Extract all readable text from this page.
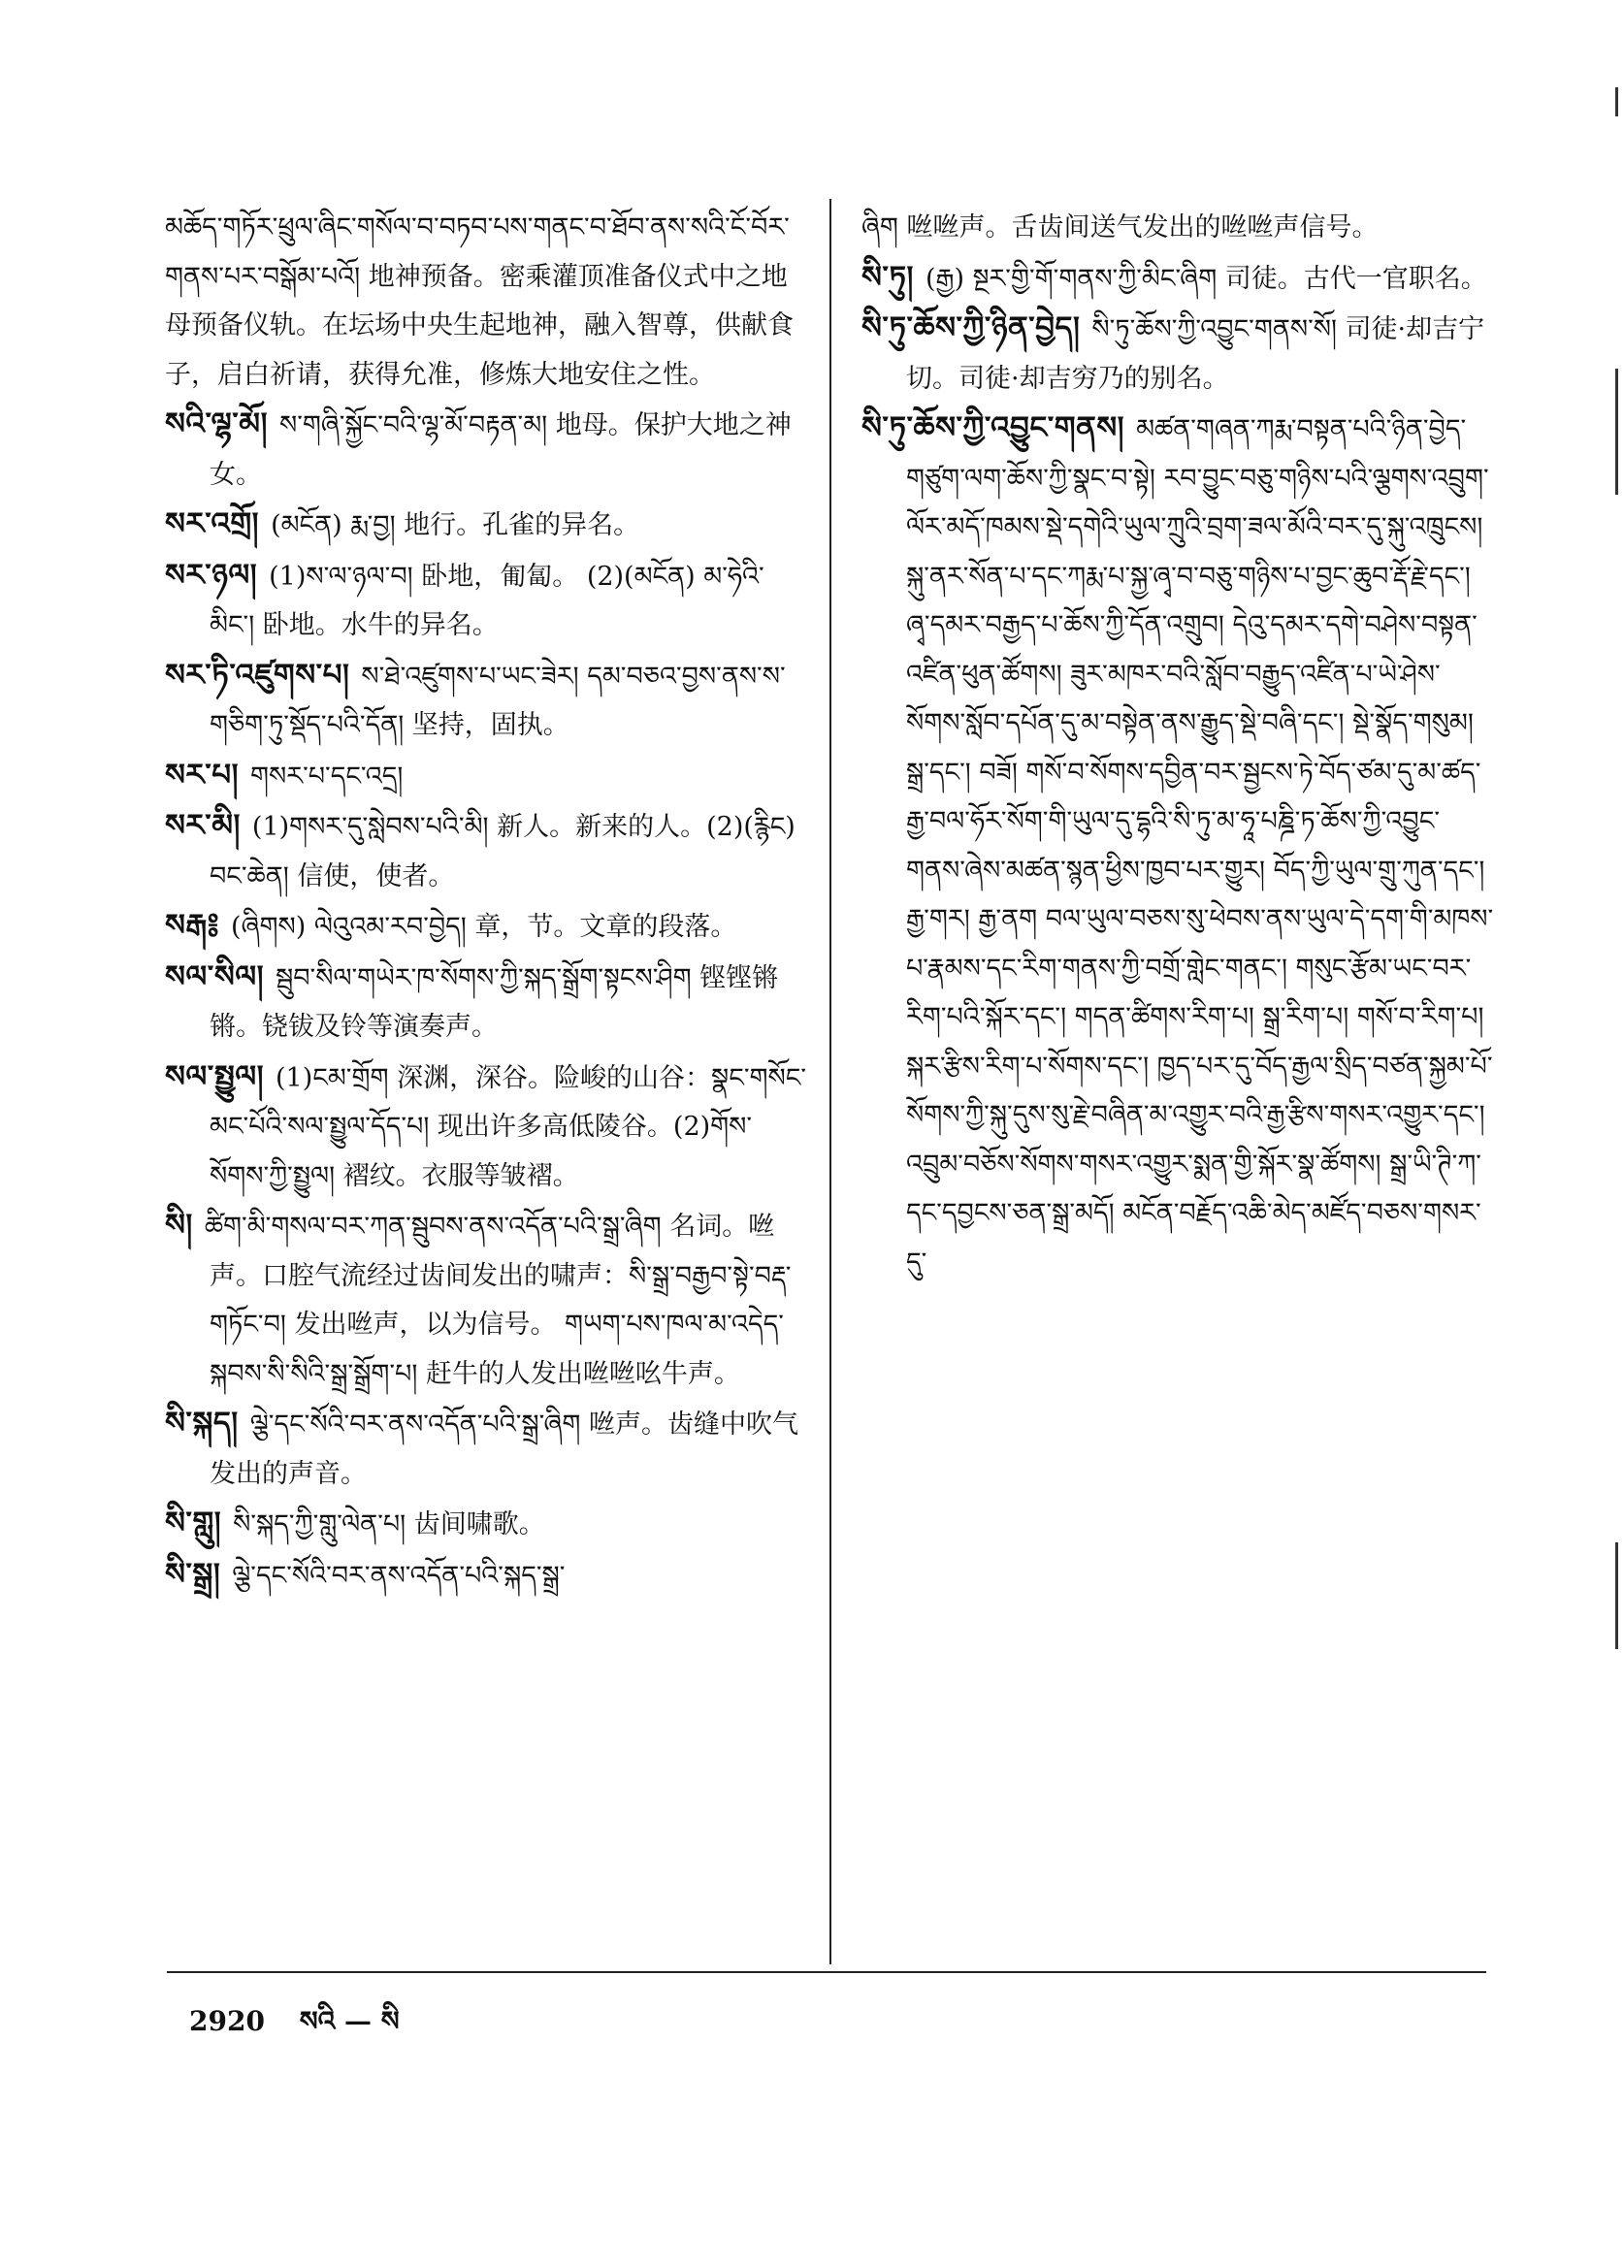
མཆོད་གཏོར་ཕྲུལ་ཞིང་གསོལ་བ་བཏབ་པས་གནང་བ་ཐོབ་ནས་སའི་ངོ་བོར་གནས་པར་བསྒོམ་པའོ། 地神预备。密乘灌顶准备仪式中之地母预备仪轨。在坛场中央生起地神，融入智尊，供献食子，启白祈请，获得允准，修炼大地安住之性。

སའི་ལྷ་མོ། ས་གཞི་སྐྱོང་བའི་ལྷ་མོ་བརྟན་མ། 地母。保护大地之神女。

སར་འགྲོ། (མངོན) རྨ་བྱ། 地行。孔雀的异名。

སར་ཉལ། (1)ས་ལ་ཉལ་བ། 卧地，匍匐。 (2)(མངོན) མ་ཧེའི་མིང་། 卧地。水牛的异名。

སར་ཏི་འཛུགས་པ། ས་ཐེ་འཛུགས་པ་ཡང་ཟེར། དམ་བཅའ་བྱས་ནས་ས་གཅིག་ཏུ་སྡོད་པའི་དོན། 坚持，固执。

སར་པ། གསར་པ་དང་འདྲ།

སར་མི། (1)གསར་དུ་སླེབས་པའི་མི། 新人。新来的人。(2)(རྙིང) བང་ཆེན། 信使，使者。

སརྒ༔ (ཞིགས) ལེའུའམ་རབ་བྱེད། 章，节。文章的段落。

སལ་སིལ། སྦུབ་སིལ་གཡེར་ཁ་སོགས་ཀྱི་སྐད་སྒྲོག་སྟངས་ཤིག 铿铿锵锵。铙钹及铃等演奏声。

སལ་སྤྱུལ། (1)ངམ་གྲོག 深渊，深谷。险峻的山谷：སྣང་གསོང་མང་པོའི་སལ་སྤྱུལ་དོད་པ། 现出许多高低陵谷。(2)གོས་སོགས་ཀྱི་སྤྱུལ། 褶纹。衣服等皱褶。

སི། ཚིག་མི་གསལ་བར་ཀན་སྦུབས་ནས་འདོན་པའི་སྒྲ་ཞིག 名词。咝声。口腔气流经过齿间发出的啸声：སི་སྒྲ་བརྒྱབ་སྟེ་བརྡ་གཏོང་བ། 发出咝声，以为信号。 གཡག་པས་ཁལ་མ་འདེད་སྐབས་སི་སིའི་སྒྲ་སྒྲོག་པ། 赶牛的人发出咝咝吆牛声。

སི་སྐད། ལྕེ་དང་སོའི་བར་ནས་འདོན་པའི་སྒྲ་ཞིག 咝声。齿缝中吹气发出的声音。

སི་གླུ། སི་སྐད་ཀྱི་གླུ་ལེན་པ། 齿间啸歌。

སི་སྒྲ། ལྕེ་དང་སོའི་བར་ནས་འདོན་པའི་སྐད་སྒྲ་

ཞིག 咝咝声。舌齿间送气发出的咝咝声信号。

སི་ཏུ། (རྒྱ) སྔར་གྱི་གོ་གནས་ཀྱི་མིང་ཞིག 司徒。古代一官职名。

སི་ཏུ་ཆོས་ཀྱི་ཉིན་བྱེད། སི་ཏུ་ཆོས་ཀྱི་འབྱུང་གནས་སོ། 司徒·却吉宁切。司徒·却吉穷乃的别名。

སི་ཏུ་ཆོས་ཀྱི་འབྱུང་གནས། མཚན་གཞན་ཀརྨ་བསྟན་པའི་ཉིན་བྱེད་གཙུག་ལག་ཆོས་ཀྱི་སྣང་བ་སྟེ། རབ་བྱུང་བཅུ་གཉིས་པའི་ལྕགས་འབྲུག་ལོར་མདོ་ཁམས་སྡེ་དགེའི་ཡུལ་ཀྲུའི་བྲག་ཟལ་མོའི་བར་དུ་སྐུ་འཁྲུངས། སྐུ་ནར་སོན་པ་དང་ཀརྨ་པ་སྐྱ་ཞྭ་བ་བཅུ་གཉིས་པ་བྱང་ཆུབ་རྡོ་རྗེ་དང་། ཞྭ་དམར་བརྒྱད་པ་ཆོས་ཀྱི་དོན་འགྲུབ། དེའུ་དམར་དགེ་བཤེས་བསྟན་འཛིན་ཕུན་ཚོགས། ཟུར་མཁར་བའི་སློབ་བརྒྱུད་འཛིན་པ་ཡེ་ཤེས་སོགས་སློབ་དཔོན་དུ་མ་བསྟེན་ནས་རྒྱུད་སྡེ་བཞི་དང་། སྡེ་སྣོད་གསུམ། སྒྲ་དང་། བཟོ། གསོ་བ་སོགས་དབྱིན་བར་སྦྱངས་ཏེ་བོད་ཙམ་དུ་མ་ཚད་རྒྱ་བལ་ཧོར་སོག་གི་ཡུལ་དུ་དྷའི་སི་ཏུ་མ་ཧཱ་པཎྜི་ཏ་ཆོས་ཀྱི་འབྱུང་གནས་ཞེས་མཚན་སྙན་ཕྱིས་ཁྱབ་པར་གྱུར། བོད་ཀྱི་ཡུལ་གྲུ་ཀུན་དང་། རྒྱ་གར། རྒྱ་ནག བལ་ཡུལ་བཅས་སུ་ཕེབས་ནས་ཡུལ་དེ་དག་གི་མཁས་པ་རྣམས་དང་རིག་གནས་ཀྱི་བགྲོ་གླེང་གནང་། གསུང་རྩོམ་ཡང་བར་རིག་པའི་སྐོར་དང་། གདན་ཚིགས་རིག་པ། སྒྲ་རིག་པ། གསོ་བ་རིག་པ། སྐར་རྩིས་རིག་པ་སོགས་དང་། ཁྱད་པར་དུ་བོད་རྒྱལ་སྲིད་བཙན་སྐྱམ་པོ་སོགས་ཀྱི་སྐུ་དུས་སུ་རྗེ་བཞིན་མ་འགྱུར་བའི་རྒྱ་རྩིས་གསར་འགྱུར་དང་། འབྲུམ་བཅོས་སོགས་གསར་འགྱུར་སྨན་གྱི་སྐོར་སྣ་ཚོགས། སྒྲ་ཡི་ཊི་ཀ་དང་དབྱངས་ཅན་སྒྲ་མདོ། མངོན་བརྗོད་འཆི་མེད་མཛོད་བཅས་གསར་དུ་

2920 སའི — སི
